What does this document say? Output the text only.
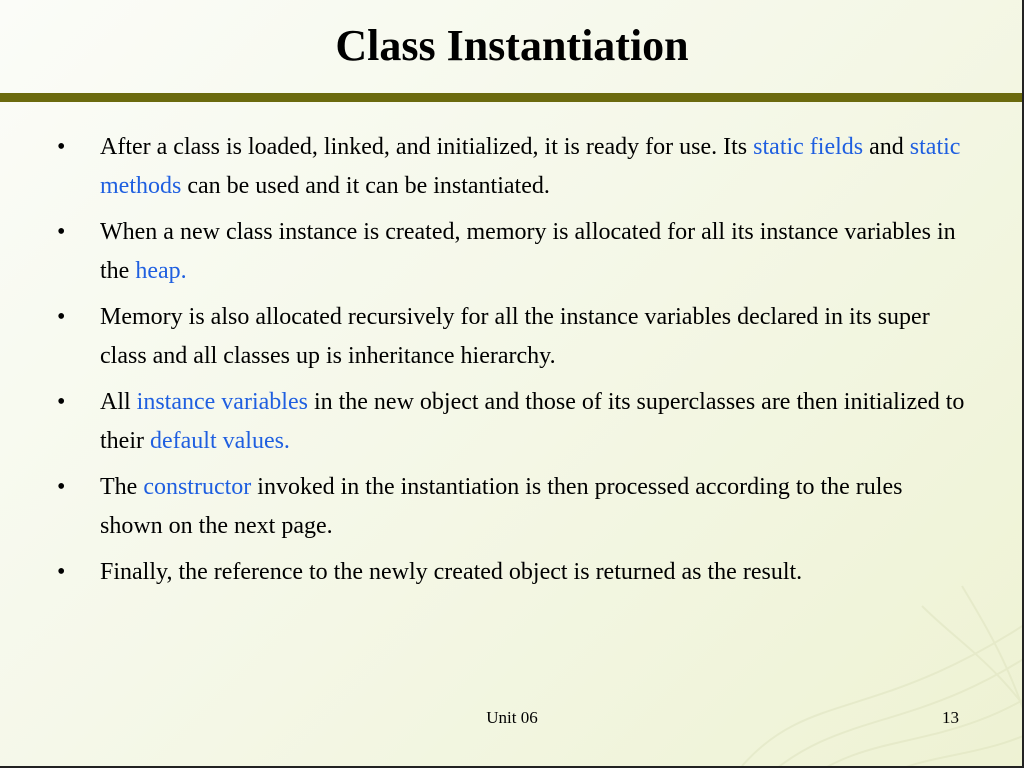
Class Instantiation
• After a class is loaded, linked, and initialized, it is ready for use. Its static fields and static methods can be used and it can be instantiated.
• When a new class instance is created, memory is allocated for all its instance variables in the heap.
• Memory is also allocated recursively for all the instance variables declared in its super class and all classes up is inheritance hierarchy.
• All instance variables in the new object and those of its superclasses are then initialized to their default values.
• The constructor invoked in the instantiation is then processed according to the rules shown on the next page.
• Finally, the reference to the newly created object is returned as the result.
Unit 06	13
